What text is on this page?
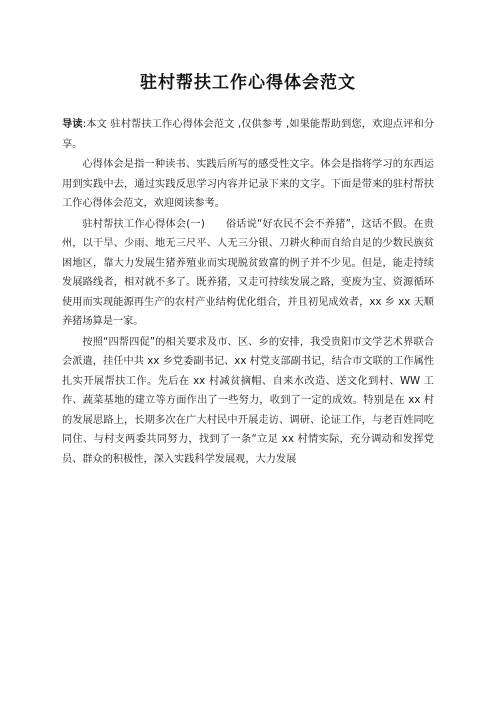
驻村帮扶工作心得体会范文

导读:本文 驻村帮扶工作心得体会范文 ,仅供参考 ,如果能帮助到您，欢迎点评和分享。

心得体会是指一种读书、实践后所写的感受性文字。体会是指将学习的东西运用到实践中去，通过实践反思学习内容并记录下来的文字。下面是带来的驻村帮扶工作心得体会范文，欢迎阅读参考。

驻村帮扶工作心得体会(一)　　俗话说“好农民不会不养猪”，这话不假。在贵州，以干旱、少雨、地无三尺平、人无三分银、刀耕火种而自给自足的少数民族贫困地区，靠大力发展生猪养殖业而实现脱贫致富的例子并不少见。但是，能走持续发展路线者，相对就不多了。既养猪，又走可持续发展之路，变废为宝、资源循环使用而实现能源再生产的农村产业结构优化组合，并且初见成效者，xx 乡 xx 天顺养猪场算是一家。

按照“四帮四促”的相关要求及市、区、乡的安排，我受贵阳市文学艺术界联合会派遣，挂任中共 xx 乡党委副书记、xx 村党支部副书记，结合市文联的工作属性扎实开展帮扶工作。先后在 xx 村减贫摘帽、自来水改造、送文化到村、WW 工作、蔬菜基地的建立等方面作出了一些努力，收到了一定的成效。特别是在 xx 村的发展思路上，长期多次在广大村民中开展走访、调研、论证工作，与老百姓同吃同住、与村支两委共同努力，找到了一条“立足 xx 村情实际，充分调动和发挥党员、群众的积极性，深入实践科学发展观，大力发展
